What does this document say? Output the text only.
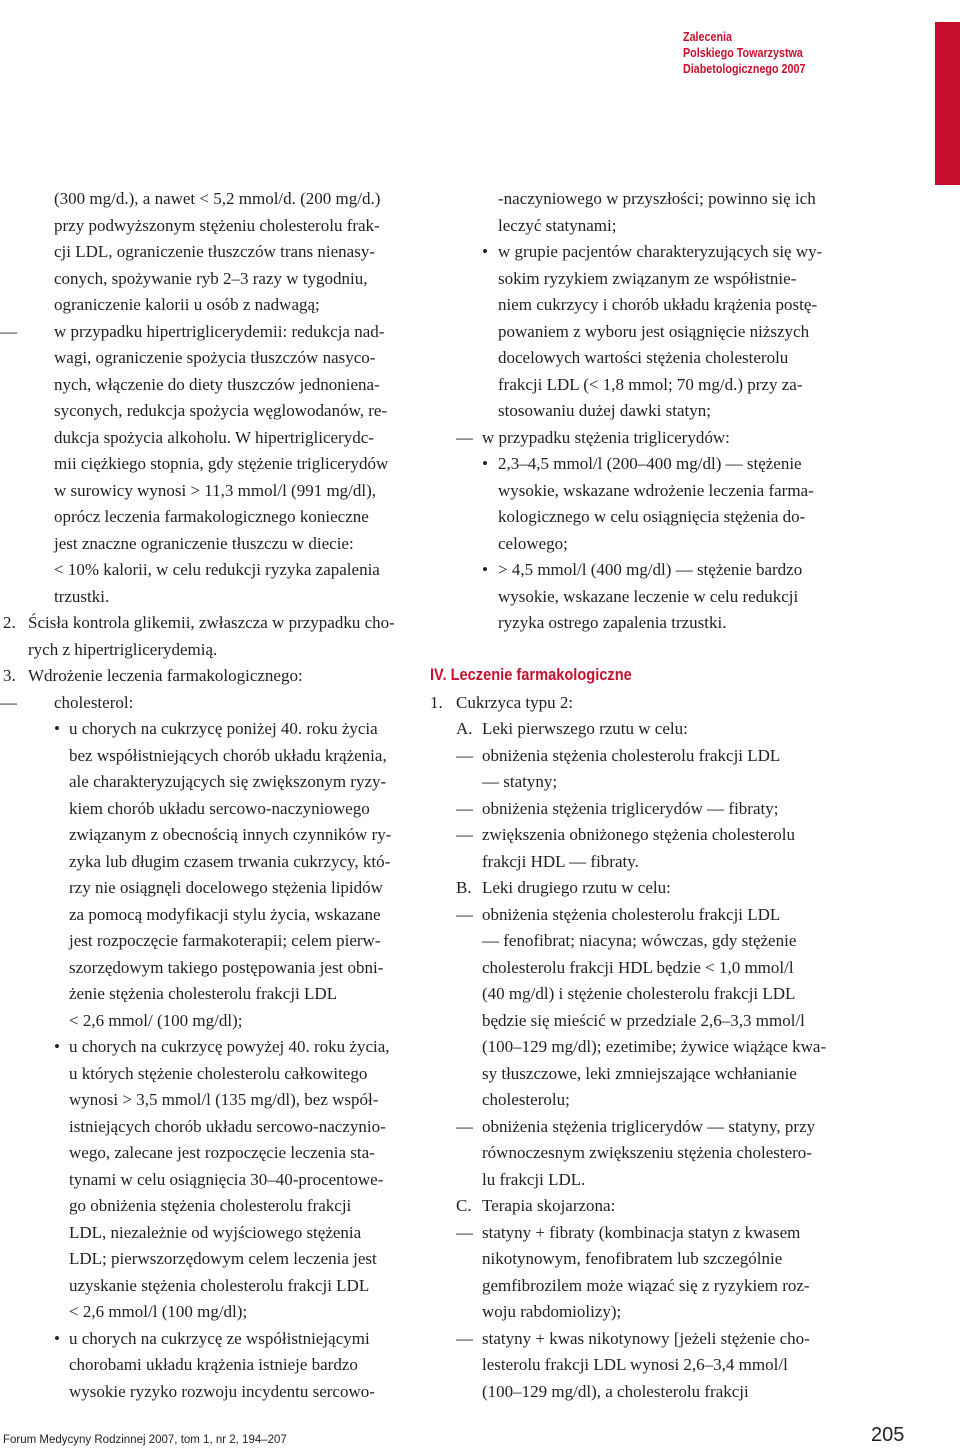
Zalecenia
Polskiego Towarzystwa
Diabetologicznego 2007
(300 mg/d.), a nawet < 5,2 mmol/d. (200 mg/d.)
przy podwyższonym stężeniu cholesterolu frak-
cji LDL, ograniczenie tłuszczów trans nienasy-
conych, spożywanie ryb 2–3 razy w tygodniu,
ograniczenie kalorii u osób z nadwagą;
— w przypadku hipertriglicerydemii: redukcja nad-
wagi, ograniczenie spożycia tłuszczów nasyco-
nych, włączenie do diety tłuszczów jednoniena-
syconych, redukcja spożycia węglowodanów, re-
dukcja spożycia alkoholu. W hipertriglicerydc-
mii ciężkiego stopnia, gdy stężenie triglicerydów
w surowicy wynosi > 11,3 mmol/l (991 mg/dl),
oprócz leczenia farmakologicznego konieczne
jest znaczne ograniczenie tłuszczu w diecie:
< 10% kalorii, w celu redukcji ryzyka zapalenia
trzustki.
2. Ścisła kontrola glikemii, zwłaszcza w przypadku cho-
rych z hipertriglicerydemią.
3. Wdrożenie leczenia farmakologicznego:
— cholesterol:
• u chorych na cukrzycę poniżej 40. roku życia
bez współistniejących chorób układu krążenia,
ale charakteryzujących się zwiększonym ryzy-
kiem chorób układu sercowo-naczyniowego
związanym z obecnością innych czynników ry-
zyka lub długim czasem trwania cukrzycy, któ-
rzy nie osiągnęli docelowego stężenia lipidów
za pomocą modyfikacji stylu życia, wskazane
jest rozpoczęcie farmakoterapii; celem pierw-
szorzędowym takiego postępowania jest obni-
żenie stężenia cholesterolu frakcji LDL
< 2,6 mmol/ (100 mg/dl);
• u chorych na cukrzycę powyżej 40. roku życia,
u których stężenie cholesterolu całkowitego
wynosi > 3,5 mmol/l (135 mg/dl), bez współ-
istniejących chorób układu sercowo-naczynio-
wego, zalecane jest rozpoczęcie leczenia sta-
tynami w celu osiągnięcia 30–40-procentowe-
go obniżenia stężenia cholesterolu frakcji
LDL, niezależnie od wyjściowego stężenia
LDL; pierwszorzędowym celem leczenia jest
uzyskanie stężenia cholesterolu frakcji LDL
< 2,6 mmol/l (100 mg/dl);
• u chorych na cukrzycę ze współistniejącymi
chorobami układu krążenia istnieje bardzo
wysokie ryzyko rozwoju incydentu sercowo-
-naczyniowego w przyszłości; powinno się ich
leczyć statynami;
• w grupie pacjentów charakteryzujących się wy-
sokim ryzykiem związanym ze współistnie-
niem cukrzycy i chorób układu krążenia postę-
powaniem z wyboru jest osiągnięcie niższych
docelowych wartości stężenia cholesterolu
frakcji LDL (< 1,8 mmol; 70 mg/d.) przy za-
stosowaniu dużej dawki statyn;
— w przypadku stężenia triglicerydów:
• 2,3–4,5 mmol/l (200–400 mg/dl) — stężenie
wysokie, wskazane wdrożenie leczenia farma-
kologicznego w celu osiągnięcia stężenia do-
celowego;
• > 4,5 mmol/l (400 mg/dl) — stężenie bardzo
wysokie, wskazane leczenie w celu redukcji
ryzyka ostrego zapalenia trzustki.
IV. Leczenie farmakologiczne
1. Cukrzyca typu 2:
A. Leki pierwszego rzutu w celu:
— obniżenia stężenia cholesterolu frakcji LDL
— statyny;
— obniżenia stężenia triglicerydów — fibraty;
— zwiększenia obniżonego stężenia cholesterolu
frakcji HDL — fibraty.
B. Leki drugiego rzutu w celu:
— obniżenia stężenia cholesterolu frakcji LDL
— fenofibrat; niacyna; wówczas, gdy stężenie
cholesterolu frakcji HDL będzie < 1,0 mmol/l
(40 mg/dl) i stężenie cholesterolu frakcji LDL
będzie się mieścić w przedziale 2,6–3,3 mmol/l
(100–129 mg/dl); ezetimibe; żywice wiążące kwa-
sy tłuszczowe, leki zmniejszające wchłanianie
cholesterolu;
— obniżenia stężenia triglicerydów — statyny, przy
równoczesnym zwiększeniu stężenia cholestero-
lu frakcji LDL.
C. Terapia skojarzona:
— statyny + fibraty (kombinacja statyn z kwasem
nikotynowym, fenofibratem lub szczególnie
gemfibrozilem może wiązać się z ryzykiem roz-
woju rabdomiolizy);
— statyny + kwas nikotynowy [jeżeli stężenie cho-
lesterolu frakcji LDL wynosi 2,6–3,4 mmol/l
(100–129 mg/dl), a cholesterolu frakcji
Forum Medycyny Rodzinnej 2007, tom 1, nr 2, 194–207	205
